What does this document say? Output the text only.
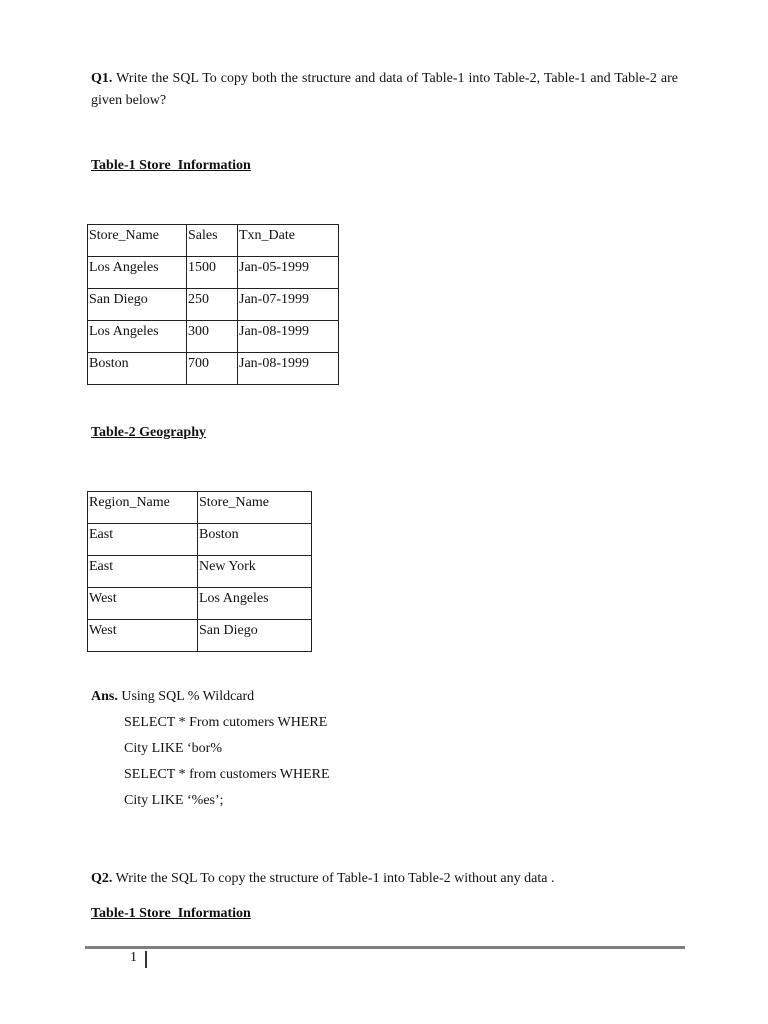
Q1. Write the SQL To copy both the structure and data of Table-1 into Table-2, Table-1 and Table-2 are given below?
Table-1 Store_Information
Store_Name	Sales	Txn_Date
Los Angeles	1500	Jan-05-1999
San Diego	250	Jan-07-1999
Los Angeles	300	Jan-08-1999
Boston	700	Jan-08-1999
Table-2 Geography
Region_Name	Store_Name
East	Boston
East	New York
West	Los Angeles
West	San Diego
Ans. Using SQL % Wildcard
SELECT * From cutomers WHERE
City LIKE ‘bor%
SELECT * from customers WHERE
City LIKE ‘%es’;
Q2. Write the SQL To copy the structure of Table-1 into Table-2 without any data .
Table-1 Store_Information
1
